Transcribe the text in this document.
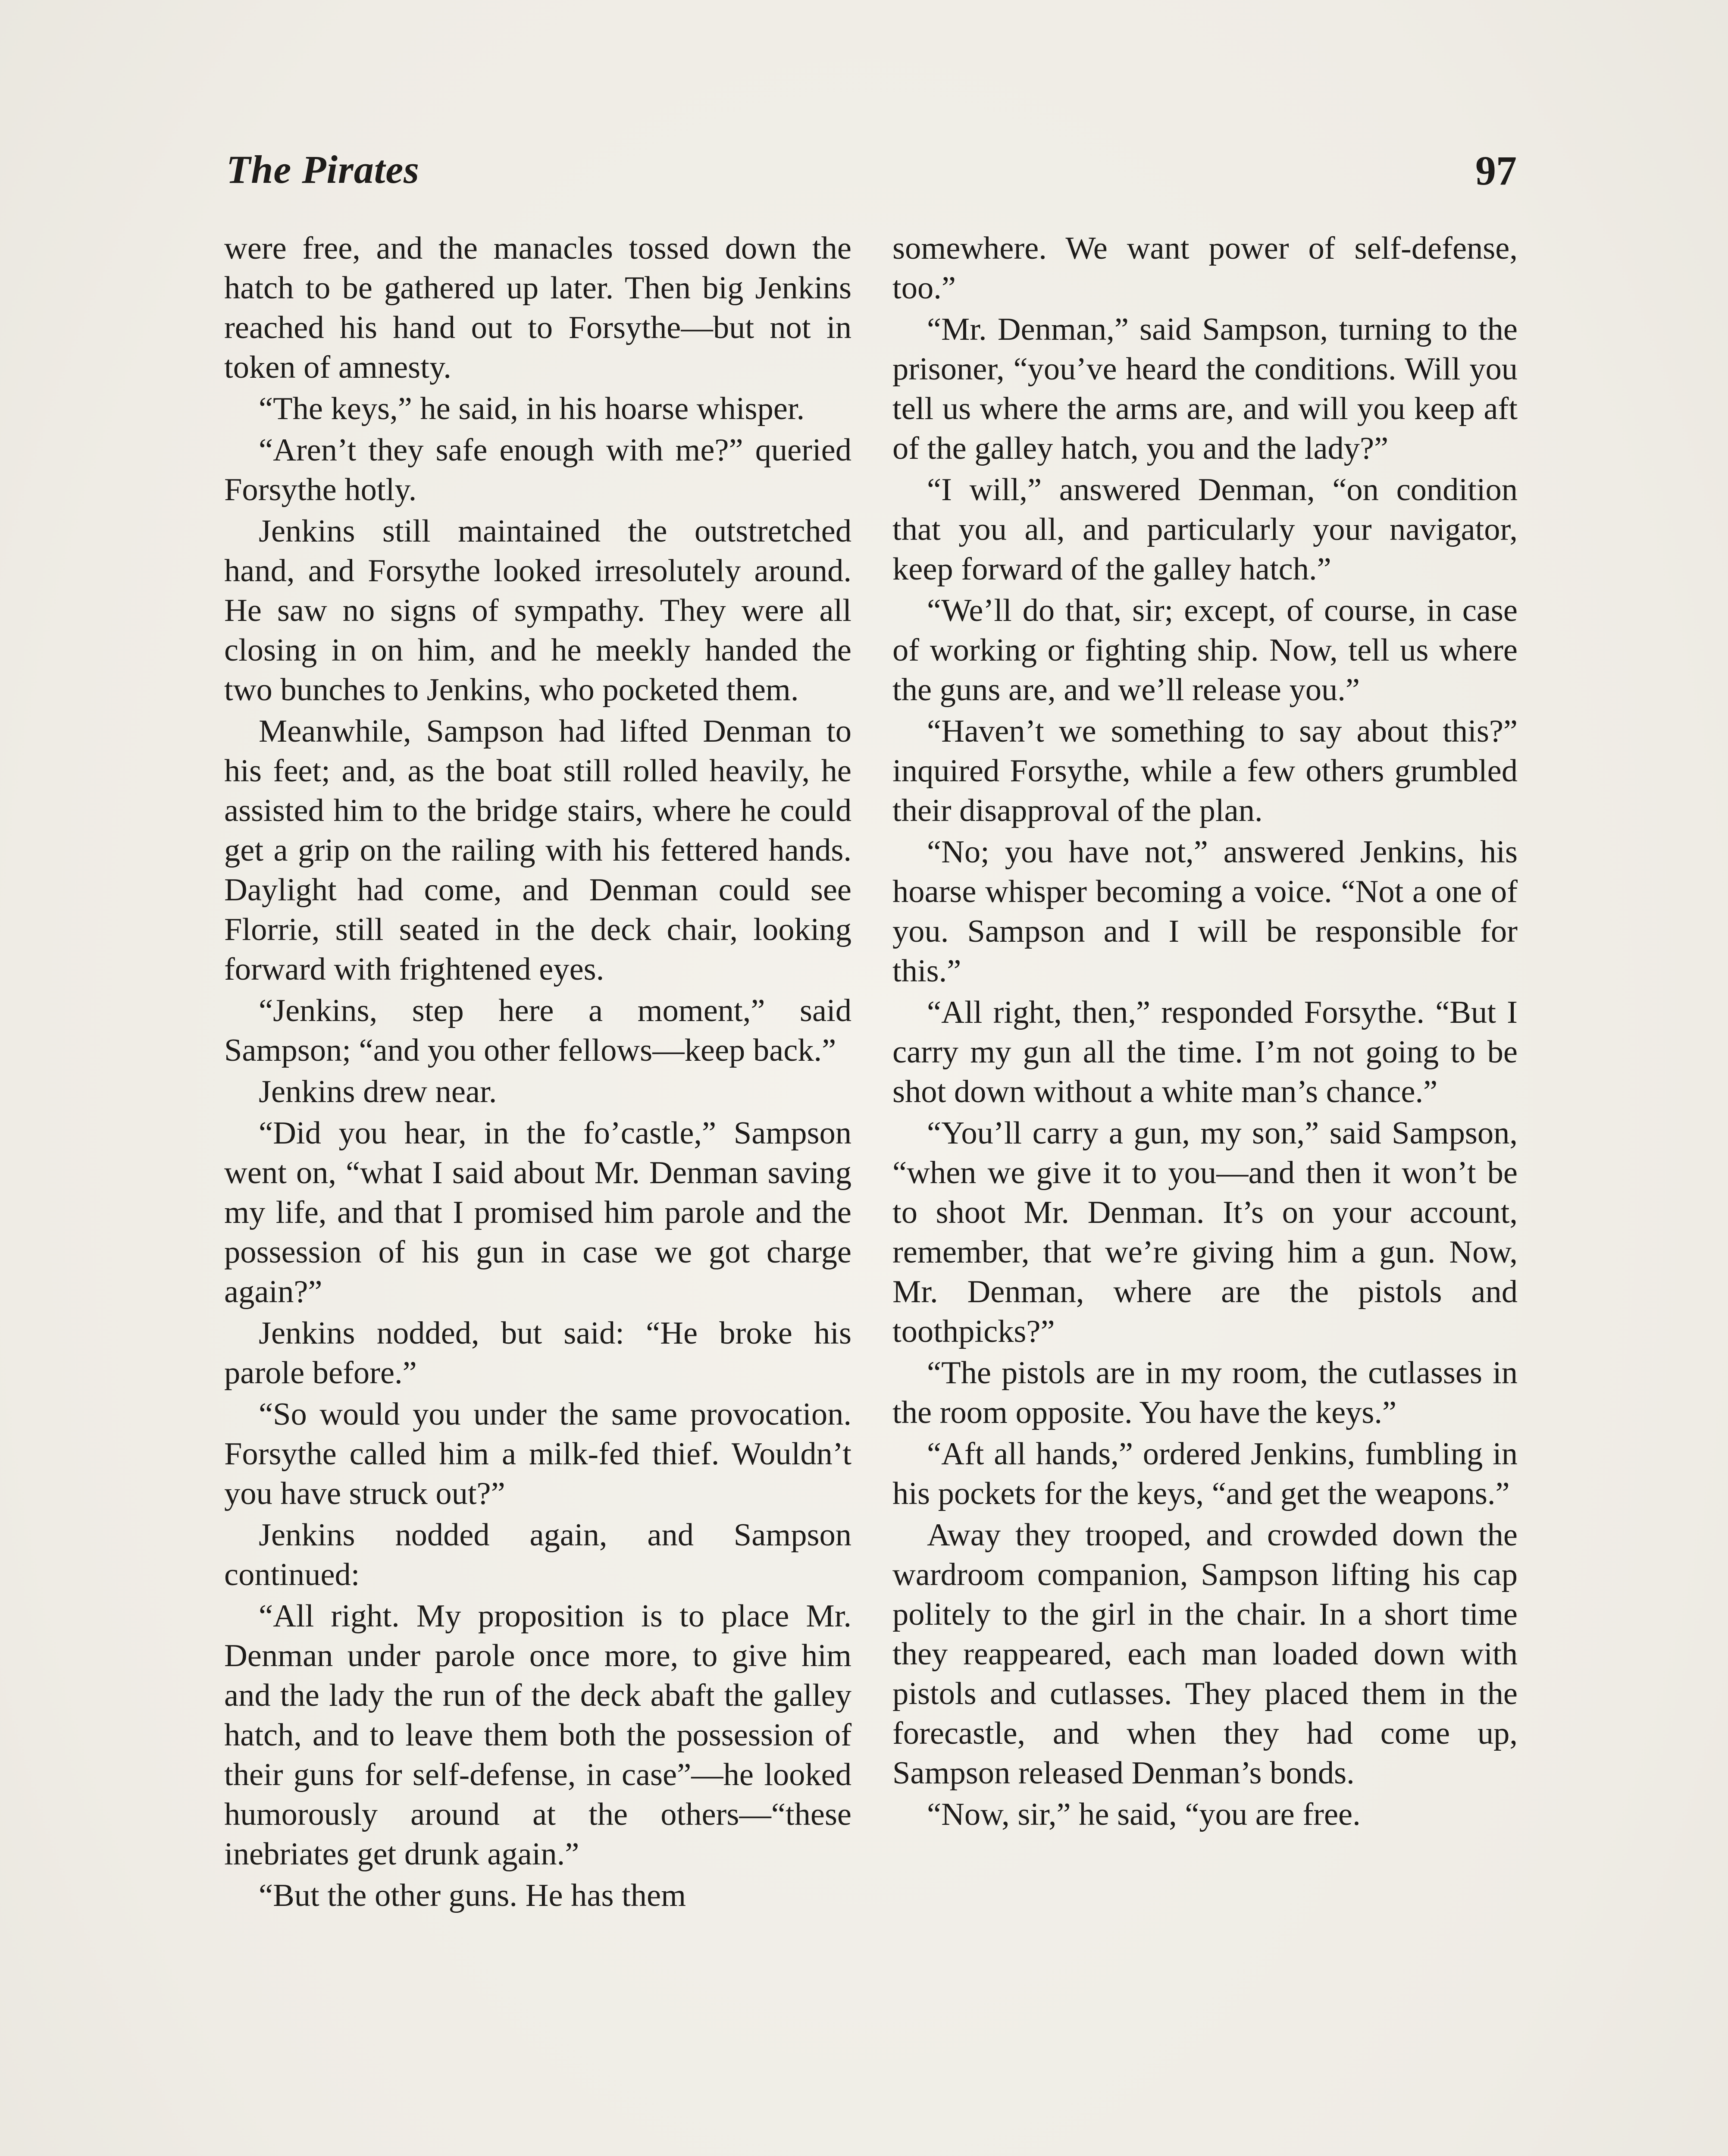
The Pirates	97

were free, and the manacles tossed down the hatch to be gathered up later. Then big Jenkins reached his hand out to Forsythe—but not in token of amnesty.

“The keys,” he said, in his hoarse whisper.

“Aren’t they safe enough with me?” queried Forsythe hotly.

Jenkins still maintained the outstretched hand, and Forsythe looked irresolutely around. He saw no signs of sympathy. They were all closing in on him, and he meekly handed the two bunches to Jenkins, who pocketed them.

Meanwhile, Sampson had lifted Denman to his feet; and, as the boat still rolled heavily, he assisted him to the bridge stairs, where he could get a grip on the railing with his fettered hands. Daylight had come, and Denman could see Florrie, still seated in the deck chair, looking forward with frightened eyes.

“Jenkins, step here a moment,” said Sampson; “and you other fellows—keep back.”

Jenkins drew near.

“Did you hear, in the fo’castle,” Sampson went on, “what I said about Mr. Denman saving my life, and that I promised him parole and the possession of his gun in case we got charge again?”

Jenkins nodded, but said: “He broke his parole before.”

“So would you under the same provocation. Forsythe called him a milk-fed thief. Wouldn’t you have struck out?”

Jenkins nodded again, and Sampson continued:

“All right. My proposition is to place Mr. Denman under parole once more, to give him and the lady the run of the deck abaft the galley hatch, and to leave them both the possession of their guns for self-defense, in case”—he looked humorously around at the others—“these inebriates get drunk again.”

“But the other guns. He has them

somewhere. We want power of self-defense, too.”

“Mr. Denman,” said Sampson, turning to the prisoner, “you’ve heard the conditions. Will you tell us where the arms are, and will you keep aft of the galley hatch, you and the lady?”

“I will,” answered Denman, “on condition that you all, and particularly your navigator, keep forward of the galley hatch.”

“We’ll do that, sir; except, of course, in case of working or fighting ship. Now, tell us where the guns are, and we’ll release you.”

“Haven’t we something to say about this?” inquired Forsythe, while a few others grumbled their disapproval of the plan.

“No; you have not,” answered Jenkins, his hoarse whisper becoming a voice. “Not a one of you. Sampson and I will be responsible for this.”

“All right, then,” responded Forsythe. “But I carry my gun all the time. I’m not going to be shot down without a white man’s chance.”

“You’ll carry a gun, my son,” said Sampson, “when we give it to you—and then it won’t be to shoot Mr. Denman. It’s on your account, remember, that we’re giving him a gun. Now, Mr. Denman, where are the pistols and toothpicks?”

“The pistols are in my room, the cutlasses in the room opposite. You have the keys.”

“Aft all hands,” ordered Jenkins, fumbling in his pockets for the keys, “and get the weapons.”

Away they trooped, and crowded down the wardroom companion, Sampson lifting his cap politely to the girl in the chair. In a short time they reappeared, each man loaded down with pistols and cutlasses. They placed them in the forecastle, and when they had come up, Sampson released Denman’s bonds.

“Now, sir,” he said, “you are free.
